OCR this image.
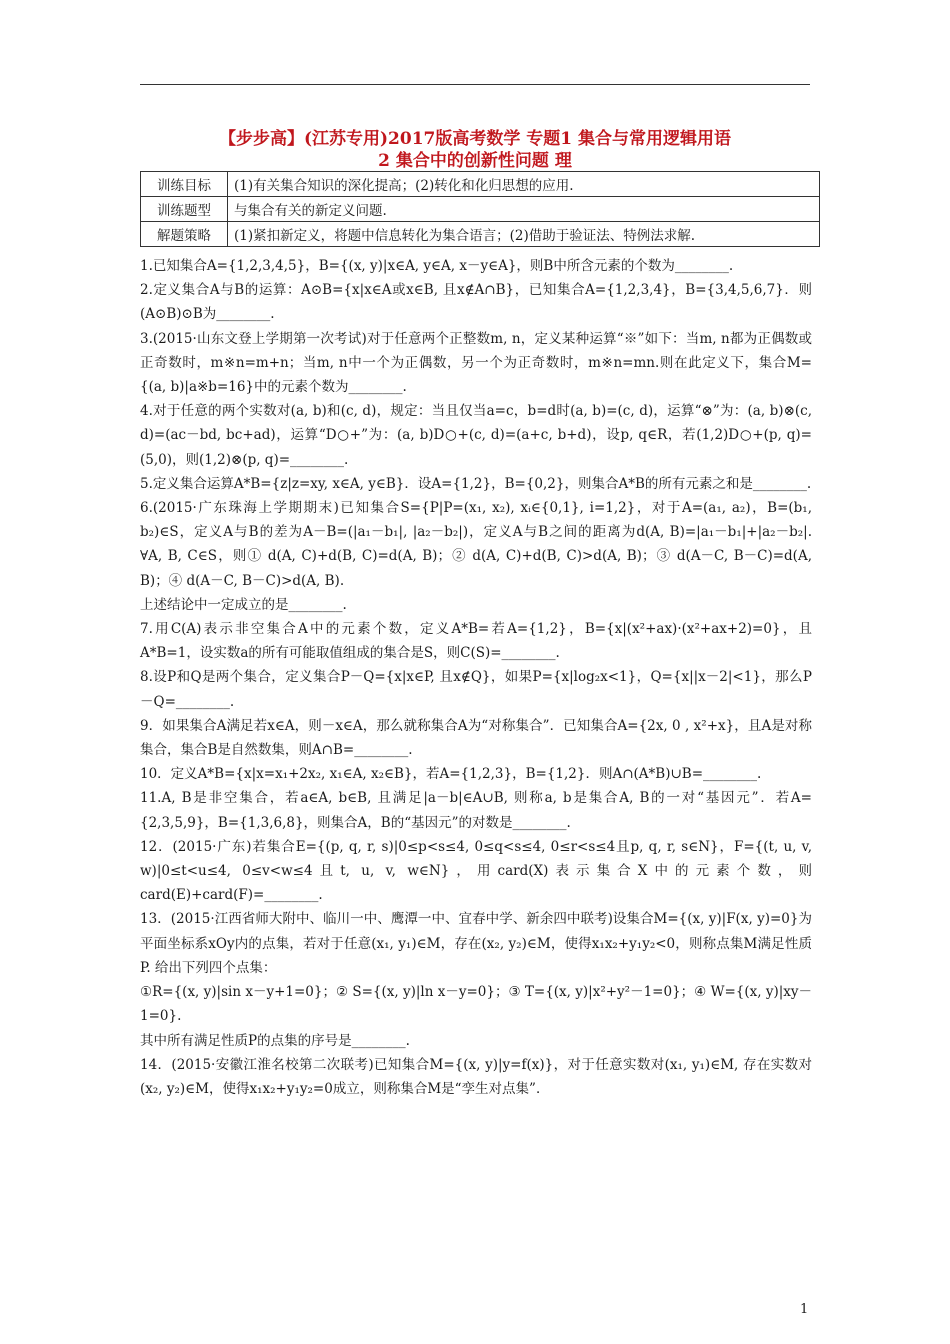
【步步高】(江苏专用)2017版高考数学 专题1 集合与常用逻辑用语
2 集合中的创新性问题 理
训练目标	(1)有关集合知识的深化提高；(2)转化和化归思想的应用.
训练题型	与集合有关的新定义问题.
解题策略	(1)紧扣新定义，将题中信息转化为集合语言；(2)借助于验证法、特例法求解.

1.已知集合A={1,2,3,4,5}，B={(x, y)|x∈A, y∈A, x－y∈A}，则B中所含元素的个数为________.

2.定义集合A与B的运算：A⊙B={x|x∈A或x∈B, 且x∉A∩B}，已知集合A={1,2,3,4}，B={3,4,5,6,7}．则(A⊙B)⊙B为________.

3.(2015·山东文登上学期第一次考试)对于任意两个正整数m, n，定义某种运算“※”如下：当m, n都为正偶数或正奇数时，m※n=m+n；当m, n中一个为正偶数，另一个为正奇数时，m※n=mn.则在此定义下，集合M={(a, b)|a※b=16}中的元素个数为________.

4.对于任意的两个实数对(a, b)和(c, d)，规定：当且仅当a=c，b=d时(a, b)=(c, d)，运算“⊗”为：(a, b)⊗(c, d)=(ac－bd, bc+ad)，运算“D○+”为：(a, b)D○+(c, d)=(a+c, b+d)，设p, q∈R，若(1,2)D○+(p, q)=(5,0)，则(1,2)⊗(p, q)=________.

5.定义集合运算A*B={z|z=xy, x∈A, y∈B}．设A={1,2}，B={0,2}，则集合A*B的所有元素之和是________.

6.(2015·广东珠海上学期期末)已知集合S={P|P=(x₁, x₂), xᵢ∈{0,1}, i=1,2}，对于A=(a₁, a₂)，B=(b₁, b₂)∈S，定义A与B的差为A－B=(|a₁－b₁|, |a₂－b₂|)，定义A与B之间的距离为d(A, B)=|a₁－b₁|+|a₂－b₂|. ∀A, B, C∈S，则① d(A, C)+d(B, C)=d(A, B)；② d(A, C)+d(B, C)>d(A, B)；③ d(A－C, B－C)=d(A, B)；④ d(A－C, B－C)>d(A, B).

上述结论中一定成立的是________.

7.用C(A)表示非空集合A中的元素个数，定义A*B=若A={1,2}，B={x|(x²+ax)·(x²+ax+2)=0}，且A*B=1，设实数a的所有可能取值组成的集合是S，则C(S)=________.

8.设P和Q是两个集合，定义集合P－Q={x|x∈P, 且x∉Q}，如果P={x|log₂x<1}，Q={x||x－2|<1}，那么P－Q=________.

9．如果集合A满足若x∈A，则－x∈A，那么就称集合A为“对称集合”．已知集合A={2x, 0 , x²+x}，且A是对称集合，集合B是自然数集，则A∩B=________.

10．定义A*B={x|x=x₁+2x₂, x₁∈A, x₂∈B}，若A={1,2,3}，B={1,2}．则A∩(A*B)∪B=________.

11.A, B是非空集合，若a∈A, b∈B, 且满足|a－b|∈A∪B, 则称a, b是集合A, B的一对“基因元”．若A={2,3,5,9}，B={1,3,6,8}，则集合A，B的“基因元”的对数是________.

12．(2015·广东)若集合E={(p, q, r, s)|0≤p<s≤4, 0≤q<s≤4, 0≤r<s≤4且p, q, r, s∈N}，F={(t, u, v, w)|0≤t<u≤4, 0≤v<w≤4且t, u, v, w∈N}，用card(X)表示集合X中的元素个数，则card(E)+card(F)=________.

13．(2015·江西省师大附中、临川一中、鹰潭一中、宜春中学、新余四中联考)设集合M={(x, y)|F(x, y)=0}为平面坐标系xOy内的点集，若对于任意(x₁, y₁)∈M，存在(x₂, y₂)∈M，使得x₁x₂+y₁y₂<0，则称点集M满足性质P. 给出下列四个点集：

①R={(x, y)|sin x－y+1=0}；② S={(x, y)|ln x－y=0}；③ T={(x, y)|x²+y²－1=0}；④ W={(x, y)|xy－1=0}.

其中所有满足性质P的点集的序号是________.

14．(2015·安徽江淮名校第二次联考)已知集合M={(x, y)|y=f(x)}，对于任意实数对(x₁, y₁)∈M, 存在实数对(x₂, y₂)∈M，使得x₁x₂+y₁y₂=0成立，则称集合M是“孪生对点集”．

1
